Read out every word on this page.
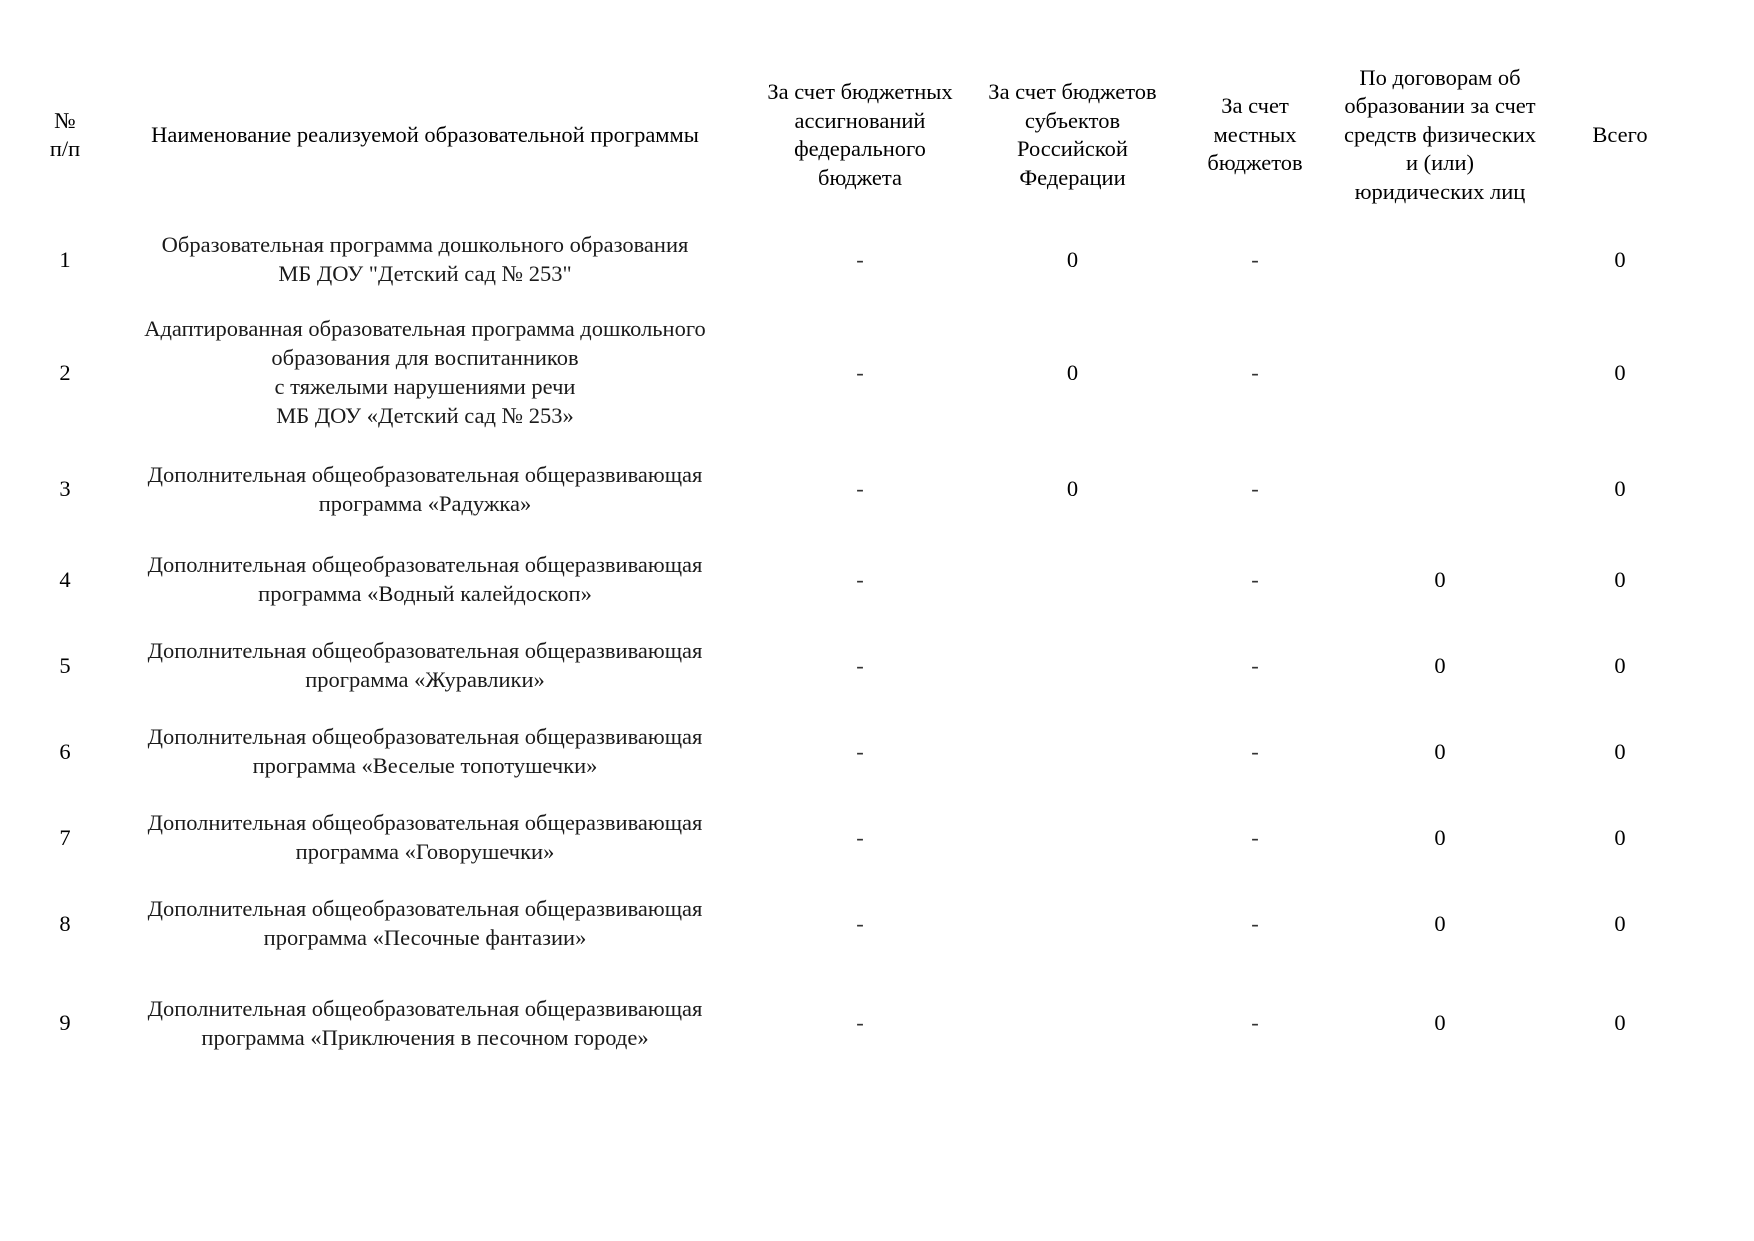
№
п/п	Наименование реализуемой образовательной программы	За счет бюджетных
ассигнований
федерального
бюджета	За счет бюджетов
субъектов
Российской
Федерации	За счет
местных
бюджетов	По договорам об
образовании за счет
средств физических
и (или)
юридических лиц	Всего
1	Образовательная программа дошкольного образования
МБ ДОУ "Детский сад № 253"	-	0	-		0
2	Адаптированная образовательная программа дошкольного
образования для воспитанников
с тяжелыми нарушениями речи
МБ ДОУ «Детский сад № 253»	-	0	-		0
3	Дополнительная общеобразовательная общеразвивающая
программа «Радужка»	-	0	-		0
4	Дополнительная общеобразовательная общеразвивающая
программа «Водный калейдоскоп»	-		-	0	0
5	Дополнительная общеобразовательная общеразвивающая
программа «Журавлики»	-		-	0	0
6	Дополнительная общеобразовательная общеразвивающая
программа «Веселые топотушечки»	-		-	0	0
7	Дополнительная общеобразовательная общеразвивающая
программа «Говорушечки»	-		-	0	0
8	Дополнительная общеобразовательная общеразвивающая
программа «Песочные фантазии»	-		-	0	0
9	Дополнительная общеобразовательная общеразвивающая
программа «Приключения в песочном городе»	-		-	0	0
